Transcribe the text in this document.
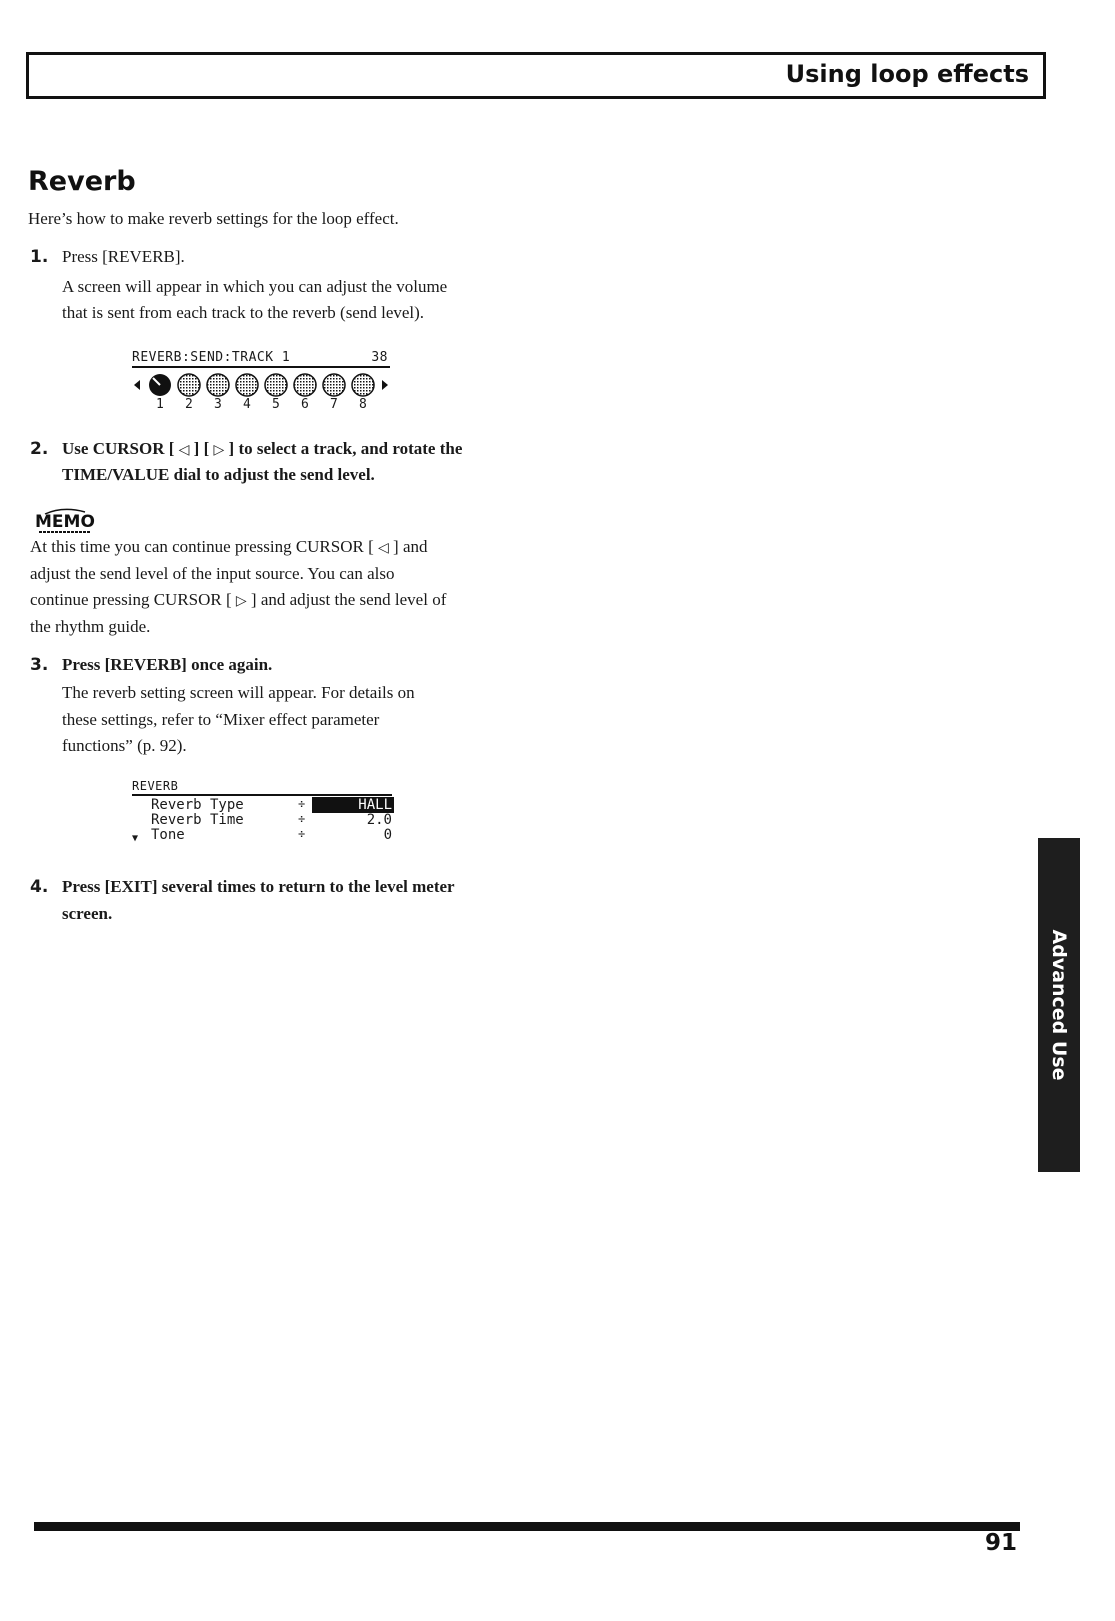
Using loop effects
Reverb

Here’s how to make reverb settings for the loop effect.

1. Press [REVERB].

A screen will appear in which you can adjust the volume

that is sent from each track to the reverb (send level).

REVERB:SEND:TRACK 1	38
1 2 3 4 5 6 7 8
2. Use CURSOR [ ◁ ] [ ▷ ] to select a track, and rotate the

TIME/VALUE dial to adjust the send level.

MEMO

At this time you can continue pressing CURSOR [ ◁ ] and

adjust the send level of the input source. You can also

continue pressing CURSOR [ ▷ ] and adjust the send level of

the rhythm guide.

3. Press [REVERB] once again.

The reverb setting screen will appear. For details on

these settings, refer to “Mixer effect parameter

functions” (p. 92).

REVERB
Reverb Type	÷	HALL
Reverb Time	÷	2.0
Tone	÷	0
▼
4. Press [EXIT] several times to return to the level meter

screen.

Advanced Use
91
